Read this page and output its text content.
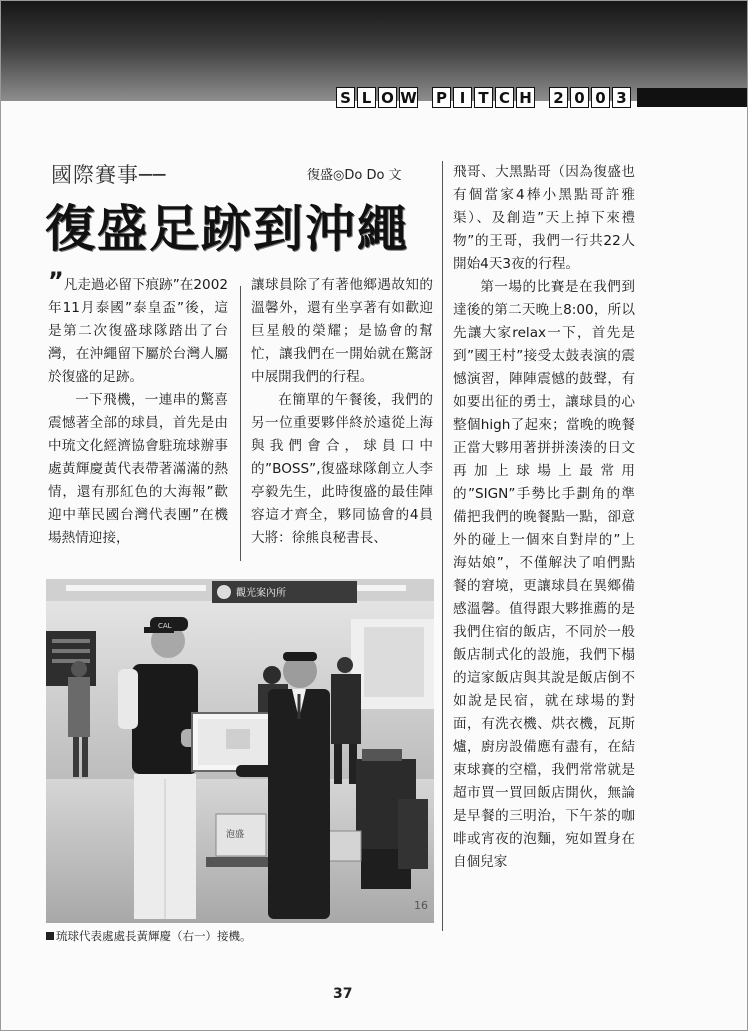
S L O W P I T C H 2 0 0 3
國際賽事──	復盛◎Do Do 文
復盛足跡到沖繩

”凡走過必留下痕跡”在2002年11月泰國”泰皇盃”後，這是第二次復盛球隊踏出了台灣，在沖繩留下屬於台灣人屬於復盛的足跡。

一下飛機，一連串的驚喜震憾著全部的球員，首先是由中琉文化經濟協會駐琉球辦事處黃輝慶黃代表帶著滿滿的熱情，還有那紅色的大海報”歡迎中華民國台灣代表團”在機場熱情迎接，

讓球員除了有著他鄉遇故知的溫馨外，還有坐享著有如歡迎巨星般的榮耀；是協會的幫忙，讓我們在一開始就在驚訝中展開我們的行程。

在簡單的午餐後，我們的另一位重要夥伴終於遠從上海與我們會合，球員口中的”BOSS”,復盛球隊創立人李亭毅先生，此時復盛的最佳陣容這才齊全，夥同協會的4員大將：徐熊良秘書長、

飛哥、大黑點哥（因為復盛也有個當家4棒小黑點哥許雅渠）、及創造”天上掉下來禮物”的王哥，我們一行共22人開始4天3夜的行程。

第一場的比賽是在我們到達後的第二天晚上8:00，所以先讓大家relax一下，首先是到”國王村”接受太鼓表演的震憾演習，陣陣震憾的鼓聲，有如要出征的勇士，讓球員的心整個high了起來；當晚的晚餐正當大夥用著拼拼湊湊的日文再加上球場上最常用的”SIGN”手勢比手劃角的準備把我們的晚餐點一點，卻意外的碰上一個來自對岸的”上海姑娘”，不僅解決了咱們點餐的窘境，更讓球員在異鄉備感溫馨。值得跟大夥推薦的是我們住宿的飯店，不同於一般飯店制式化的設施，我們下榻的這家飯店與其說是飯店倒不如說是民宿，就在球場的對面，有洗衣機、烘衣機，瓦斯爐，廚房設備應有盡有，在結束球賽的空檔，我們常常就是超市買一買回飯店開伙，無論是早餐的三明治，下午茶的咖啡或宵夜的泡麵，宛如置身在自個兒家

觀光案內所
泡盛
CAL
16
琉球代表處處長黃輝慶（右一）接機。
37
